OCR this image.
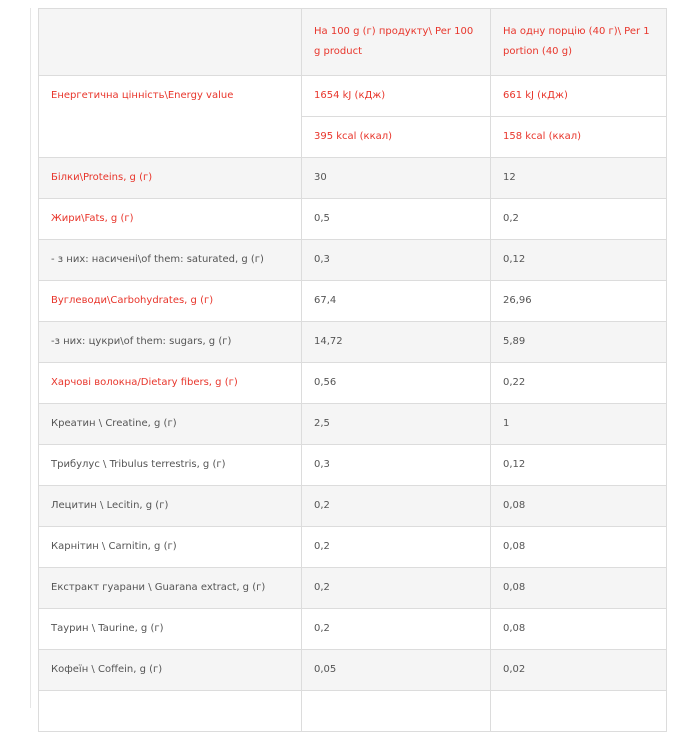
	На 100 g (г) продукту\ Per 100 g product	На одну порцію (40 г)\ Per 1 portion (40 g)
Енергетична цінність\Energy value	1654 kJ (кДж)	661 kJ (кДж)
	395 kcal (ккал)	158 kcal (ккал)
Білки\Proteins, g (г)	30	12
Жири\Fats, g (г)	0,5	0,2
- з них: насичені\of them: saturated, g (г)	0,3	0,12
Вуглеводи\Carbohydrates, g (г)	67,4	26,96
-з них: цукри\of them: sugars, g (г)	14,72	5,89
Харчові волокна/Dietary fibers, g (г)	0,56	0,22
Креатин \ Creatine, g (г)	2,5	1
Трибулус \ Tribulus terrestris, g (г)	0,3	0,12
Лецитин \ Lecitin, g (г)	0,2	0,08
Карнітин \ Carnitin, g (г)	0,2	0,08
Екстракт гуарани \ Guarana extract, g (г)	0,2	0,08
Таурин \ Taurine, g (г)	0,2	0,08
Кофеїн \ Coffein, g (г)	0,05	0,02
